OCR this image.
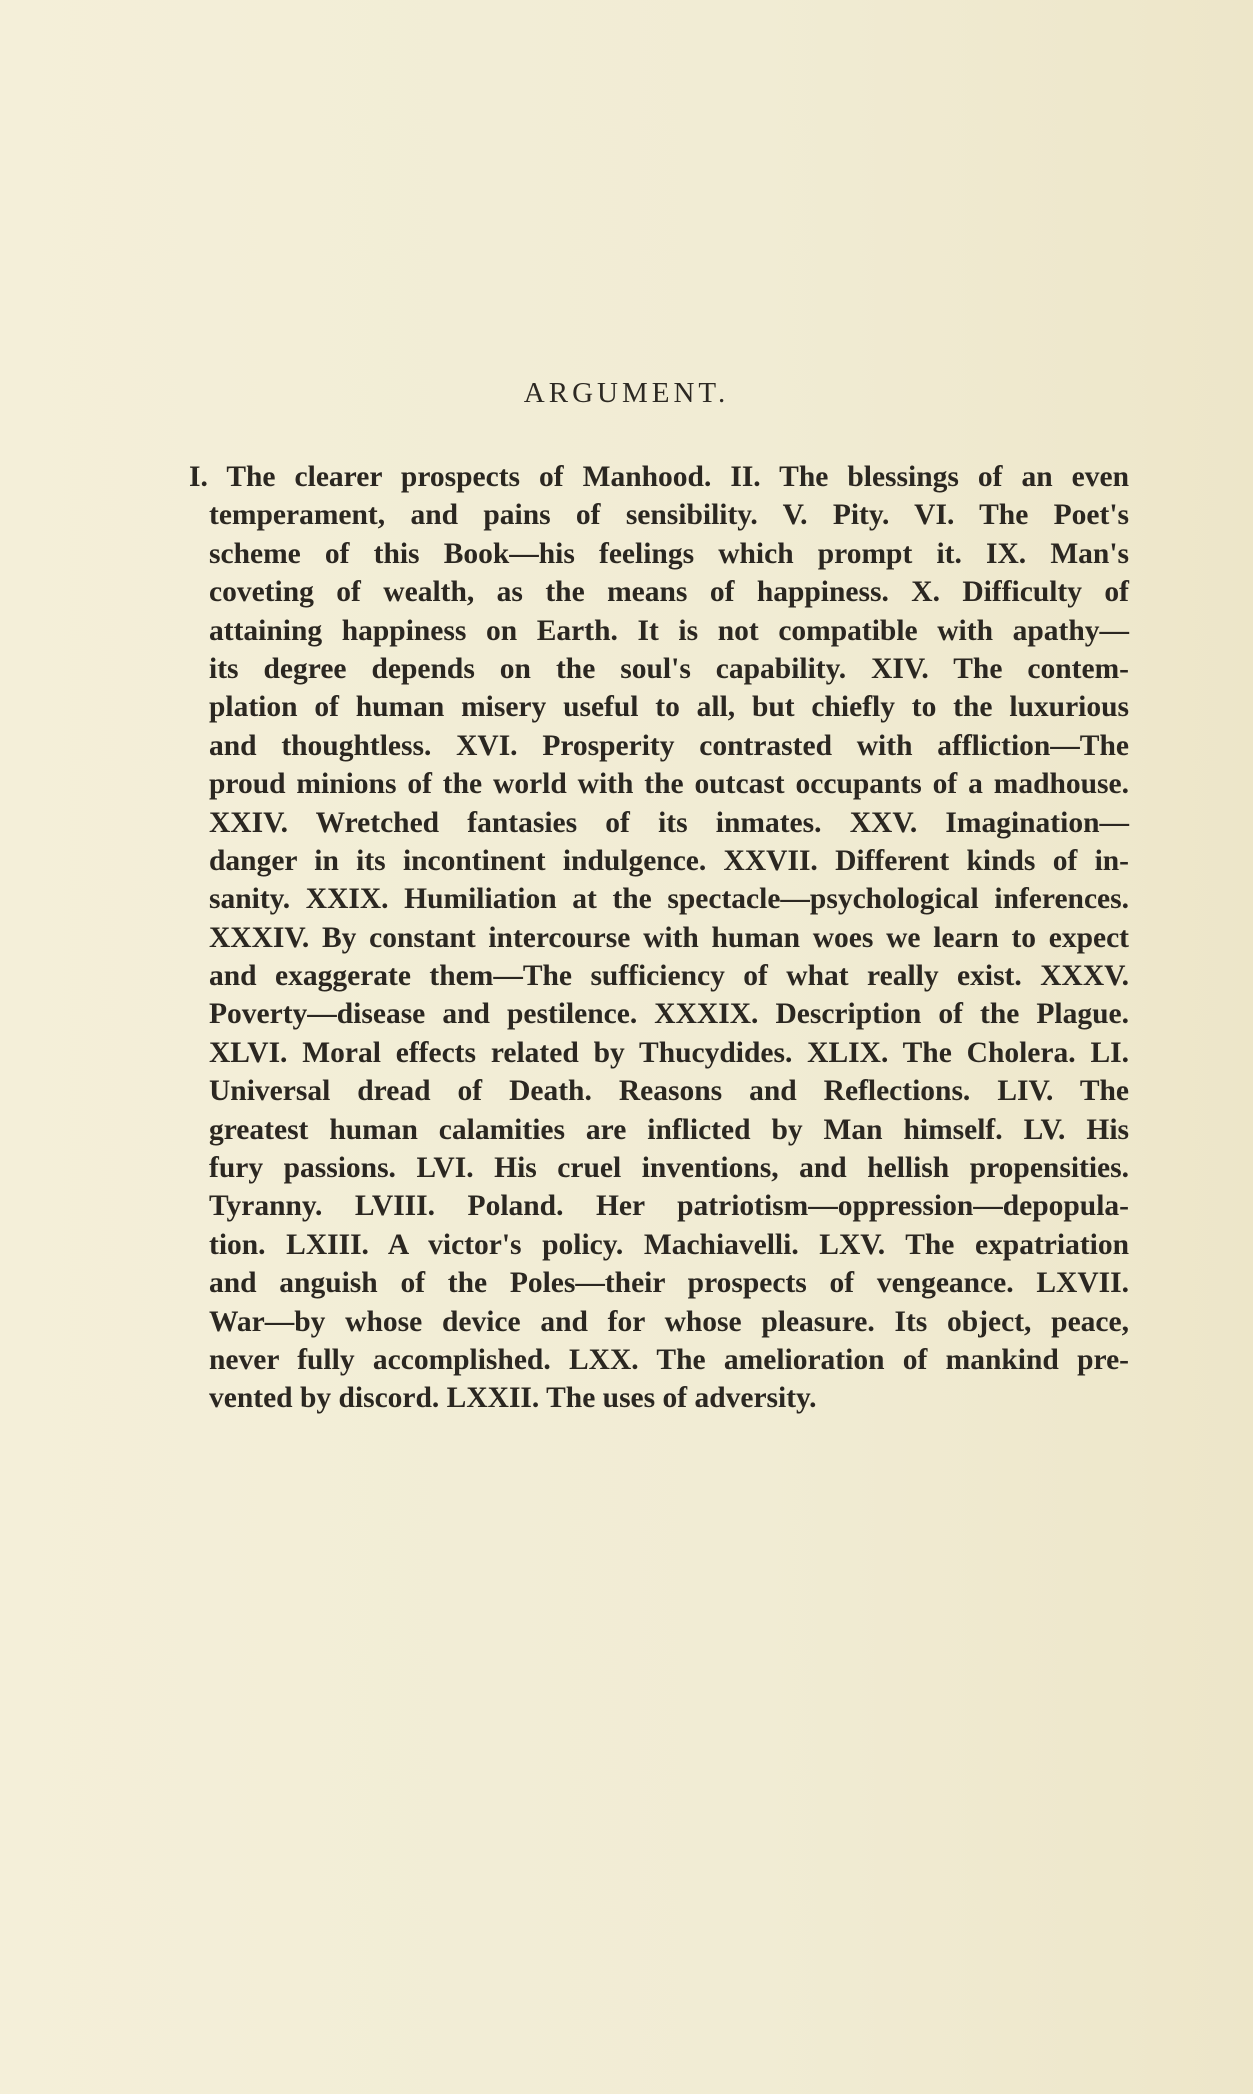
ARGUMENT.
I. The clearer prospects of Manhood. II. The blessings of an even
temperament, and pains of sensibility. V. Pity. VI. The Poet's
scheme of this Book—his feelings which prompt it. IX. Man's
coveting of wealth, as the means of happiness. X. Difficulty of
attaining happiness on Earth. It is not compatible with apathy—
its degree depends on the soul's capability. XIV. The contem-
plation of human misery useful to all, but chiefly to the luxurious
and thoughtless. XVI. Prosperity contrasted with affliction—The
proud minions of the world with the outcast occupants of a madhouse.
XXIV. Wretched fantasies of its inmates. XXV. Imagination—
danger in its incontinent indulgence. XXVII. Different kinds of in-
sanity. XXIX. Humiliation at the spectacle—psychological inferences.
XXXIV. By constant intercourse with human woes we learn to expect
and exaggerate them—The sufficiency of what really exist. XXXV.
Poverty—disease and pestilence. XXXIX. Description of the Plague.
XLVI. Moral effects related by Thucydides. XLIX. The Cholera. LI.
Universal dread of Death. Reasons and Reflections. LIV. The
greatest human calamities are inflicted by Man himself. LV. His
fury passions. LVI. His cruel inventions, and hellish propensities.
Tyranny. LVIII. Poland. Her patriotism—oppression—depopula-
tion. LXIII. A victor's policy. Machiavelli. LXV. The expatriation
and anguish of the Poles—their prospects of vengeance. LXVII.
War—by whose device and for whose pleasure. Its object, peace,
never fully accomplished. LXX. The amelioration of mankind pre-
vented by discord. LXXII. The uses of adversity.
